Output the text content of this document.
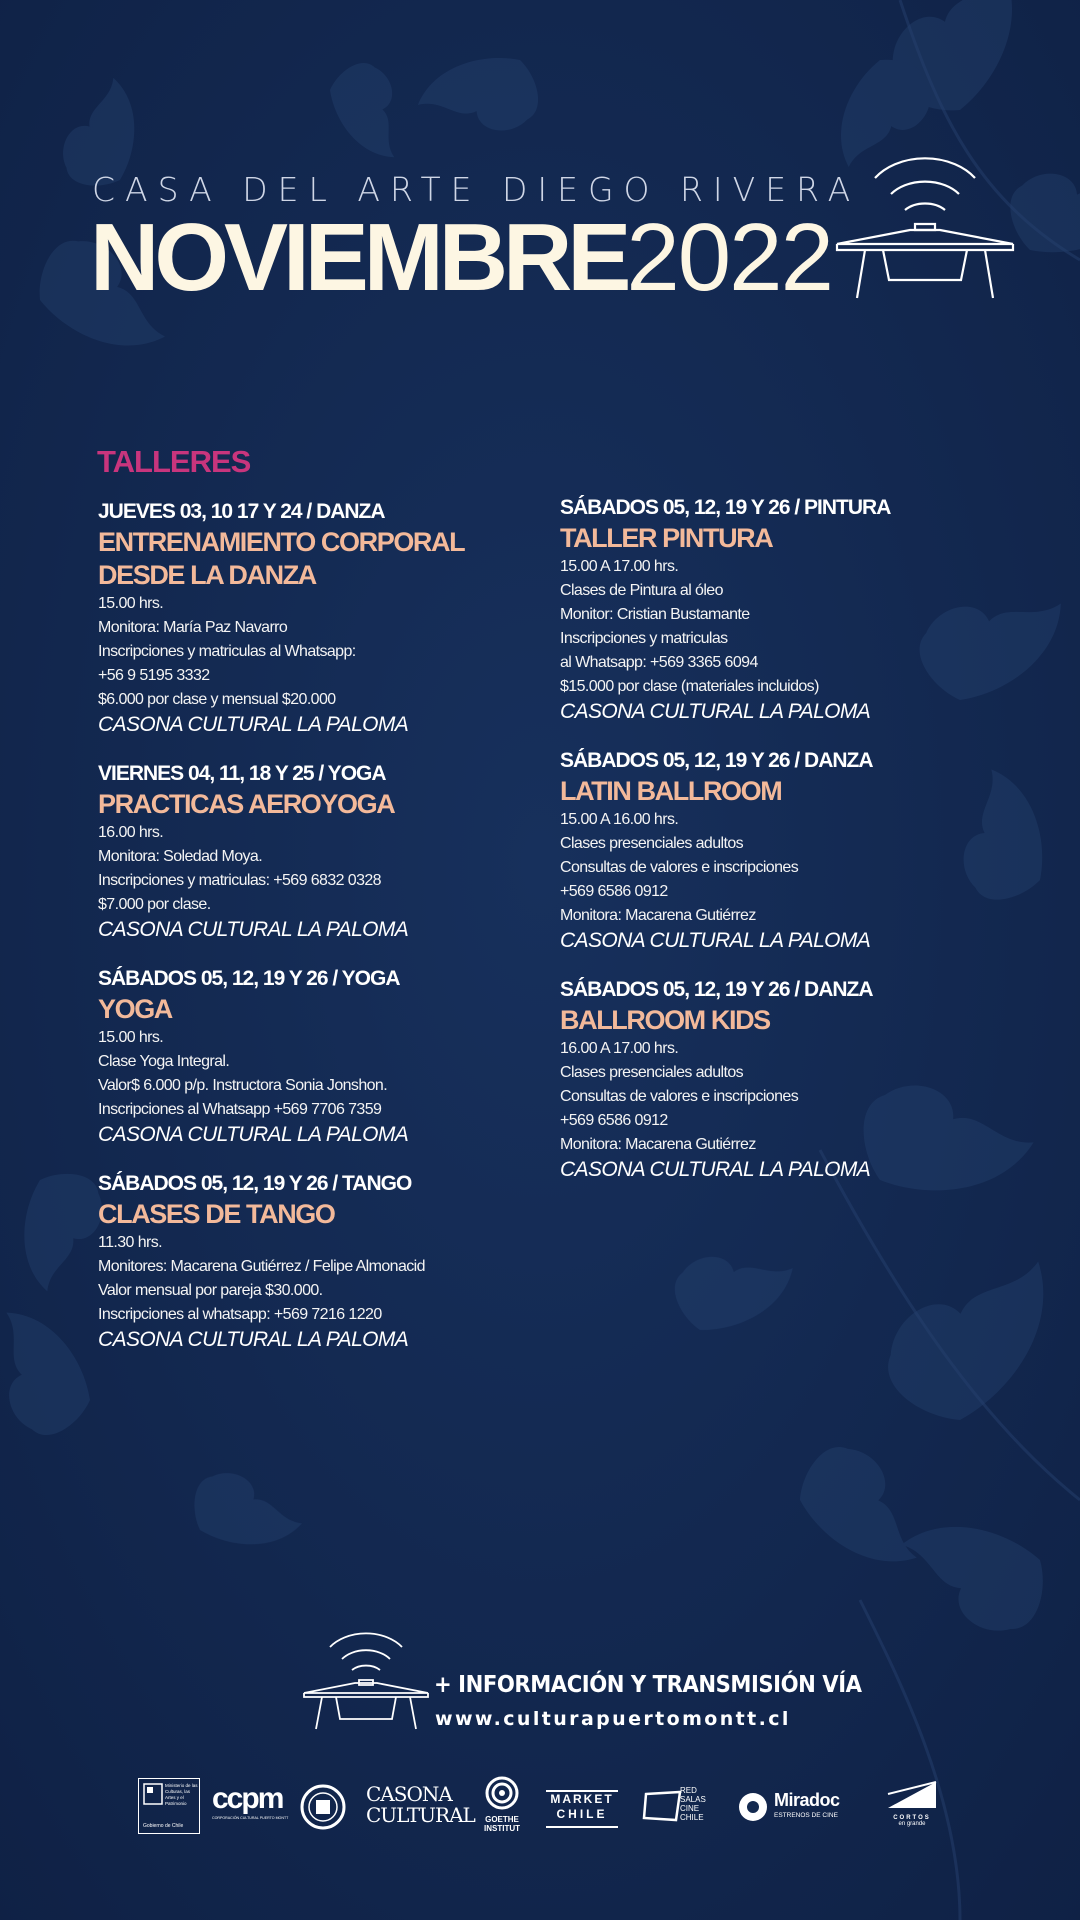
CASA DEL ARTE DIEGO RIVERA
NOVIEMBRE2022
TALLERES
JUEVES 03, 10 17 Y 24 / DANZA
ENTRENAMIENTO CORPORAL DESDE LA DANZA
15.00 hrs.
Monitora: María Paz Navarro
Inscripciones y matriculas al Whatsapp:
+56 9 5195 3332
$6.000 por clase y mensual $20.000
CASONA CULTURAL LA PALOMA
VIERNES 04, 11, 18 Y 25 / YOGA
PRACTICAS AEROYOGA
16.00 hrs.
Monitora: Soledad Moya.
Inscripciones y matriculas: +569 6832 0328
$7.000 por clase.
CASONA CULTURAL LA PALOMA
SÁBADOS 05, 12, 19 Y 26 / YOGA
YOGA
15.00 hrs.
Clase Yoga Integral.
Valor$ 6.000 p/p. Instructora Sonia Jonshon.
Inscripciones al Whatsapp +569 7706 7359
CASONA CULTURAL LA PALOMA
SÁBADOS 05, 12, 19 Y 26 / TANGO
CLASES DE TANGO
11.30 hrs.
Monitores: Macarena Gutiérrez / Felipe Almonacid
Valor mensual por pareja $30.000.
Inscripciones al whatsapp: +569 7216 1220
CASONA CULTURAL LA PALOMA
SÁBADOS 05, 12, 19 Y 26 / PINTURA
TALLER PINTURA
15.00 A 17.00 hrs.
Clases de Pintura al óleo
Monitor: Cristian Bustamante
Inscripciones y matriculas
al Whatsapp: +569 3365 6094
$15.000 por clase (materiales incluidos)
CASONA CULTURAL LA PALOMA
SÁBADOS 05, 12, 19 Y 26 / DANZA
LATIN BALLROOM
15.00 A 16.00 hrs.
Clases presenciales adultos
Consultas de valores e inscripciones
+569 6586 0912
Monitora: Macarena Gutiérrez
CASONA CULTURAL LA PALOMA
SÁBADOS 05, 12, 19 Y 26 / DANZA
BALLROOM KIDS
16.00 A 17.00 hrs.
Clases presenciales adultos
Consultas de valores e inscripciones
+569 6586 0912
Monitora: Macarena Gutiérrez
CASONA CULTURAL LA PALOMA
+ INFORMACIÓN Y TRANSMISIÓN VÍA
www.culturapuertomontt.cl
Ministerio de las Culturas, las Artes y el Patrimonio
Gobierno de Chile
ccpm
CORPORACIÓN CULTURAL PUERTO MONTT
CASONA
CULTURAL	GOETHE
INSTITUT
MARKET
CHILE
RED SALAS CINE CHILE
Miradoc
ESTRENOS DE CINE	CORTOS
en grande
